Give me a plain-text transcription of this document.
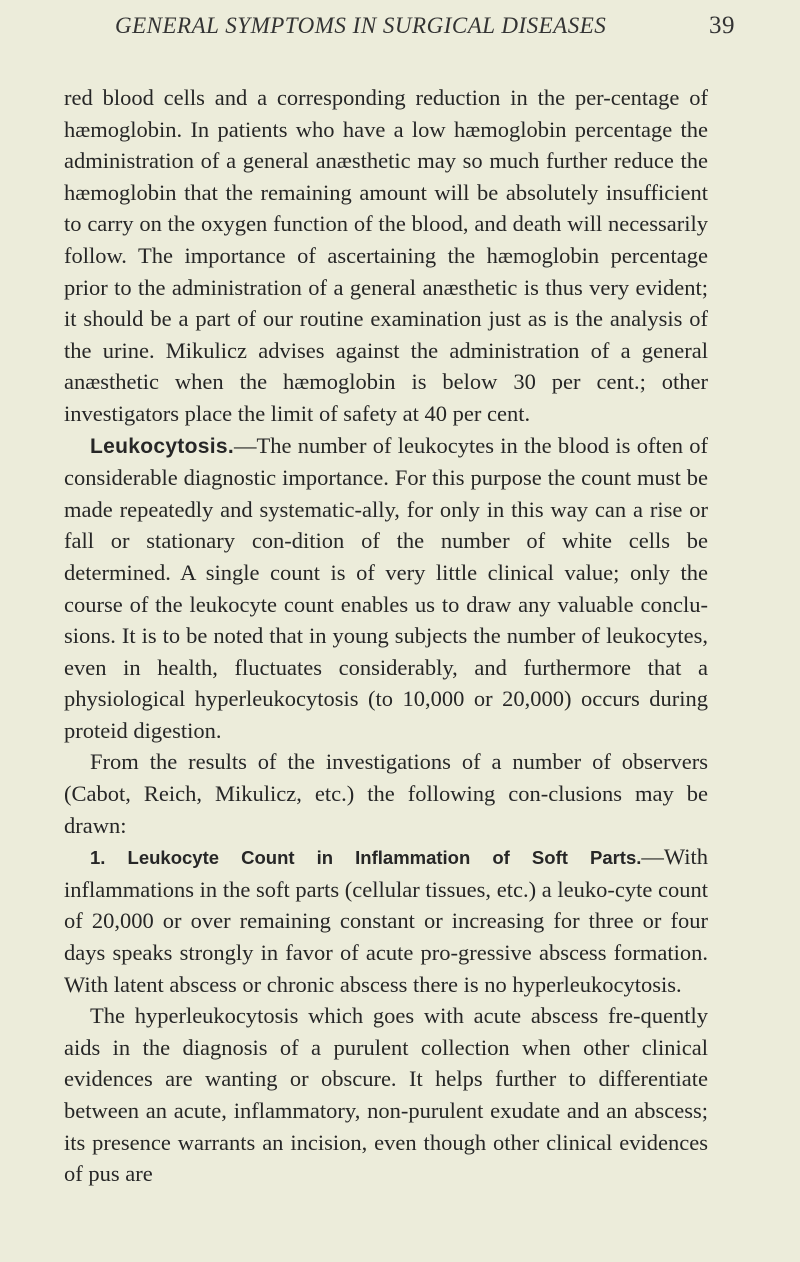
GENERAL SYMPTOMS IN SURGICAL DISEASES	39

red blood cells and a corresponding reduction in the per-centage of hæmoglobin. In patients who have a low hæmoglobin percentage the administration of a general anæsthetic may so much further reduce the hæmoglobin that the remaining amount will be absolutely insufficient to carry on the oxygen function of the blood, and death will necessarily follow. The importance of ascertaining the hæmoglobin percentage prior to the administration of a general anæsthetic is thus very evident; it should be a part of our routine examination just as is the analysis of the urine. Mikulicz advises against the administration of a general anæsthetic when the hæmoglobin is below 30 per cent.; other investigators place the limit of safety at 40 per cent.

Leukocytosis.—The number of leukocytes in the blood is often of considerable diagnostic importance. For this purpose the count must be made repeatedly and systematic-ally, for only in this way can a rise or fall or stationary con-dition of the number of white cells be determined. A single count is of very little clinical value; only the course of the leukocyte count enables us to draw any valuable conclu-sions. It is to be noted that in young subjects the number of leukocytes, even in health, fluctuates considerably, and furthermore that a physiological hyperleukocytosis (to 10,000 or 20,000) occurs during proteid digestion.

From the results of the investigations of a number of observers (Cabot, Reich, Mikulicz, etc.) the following con-clusions may be drawn:

1. Leukocyte Count in Inflammation of Soft Parts.—With inflammations in the soft parts (cellular tissues, etc.) a leuko-cyte count of 20,000 or over remaining constant or increasing for three or four days speaks strongly in favor of acute pro-gressive abscess formation. With latent abscess or chronic abscess there is no hyperleukocytosis.

The hyperleukocytosis which goes with acute abscess fre-quently aids in the diagnosis of a purulent collection when other clinical evidences are wanting or obscure. It helps further to differentiate between an acute, inflammatory, non-purulent exudate and an abscess; its presence warrants an incision, even though other clinical evidences of pus are
